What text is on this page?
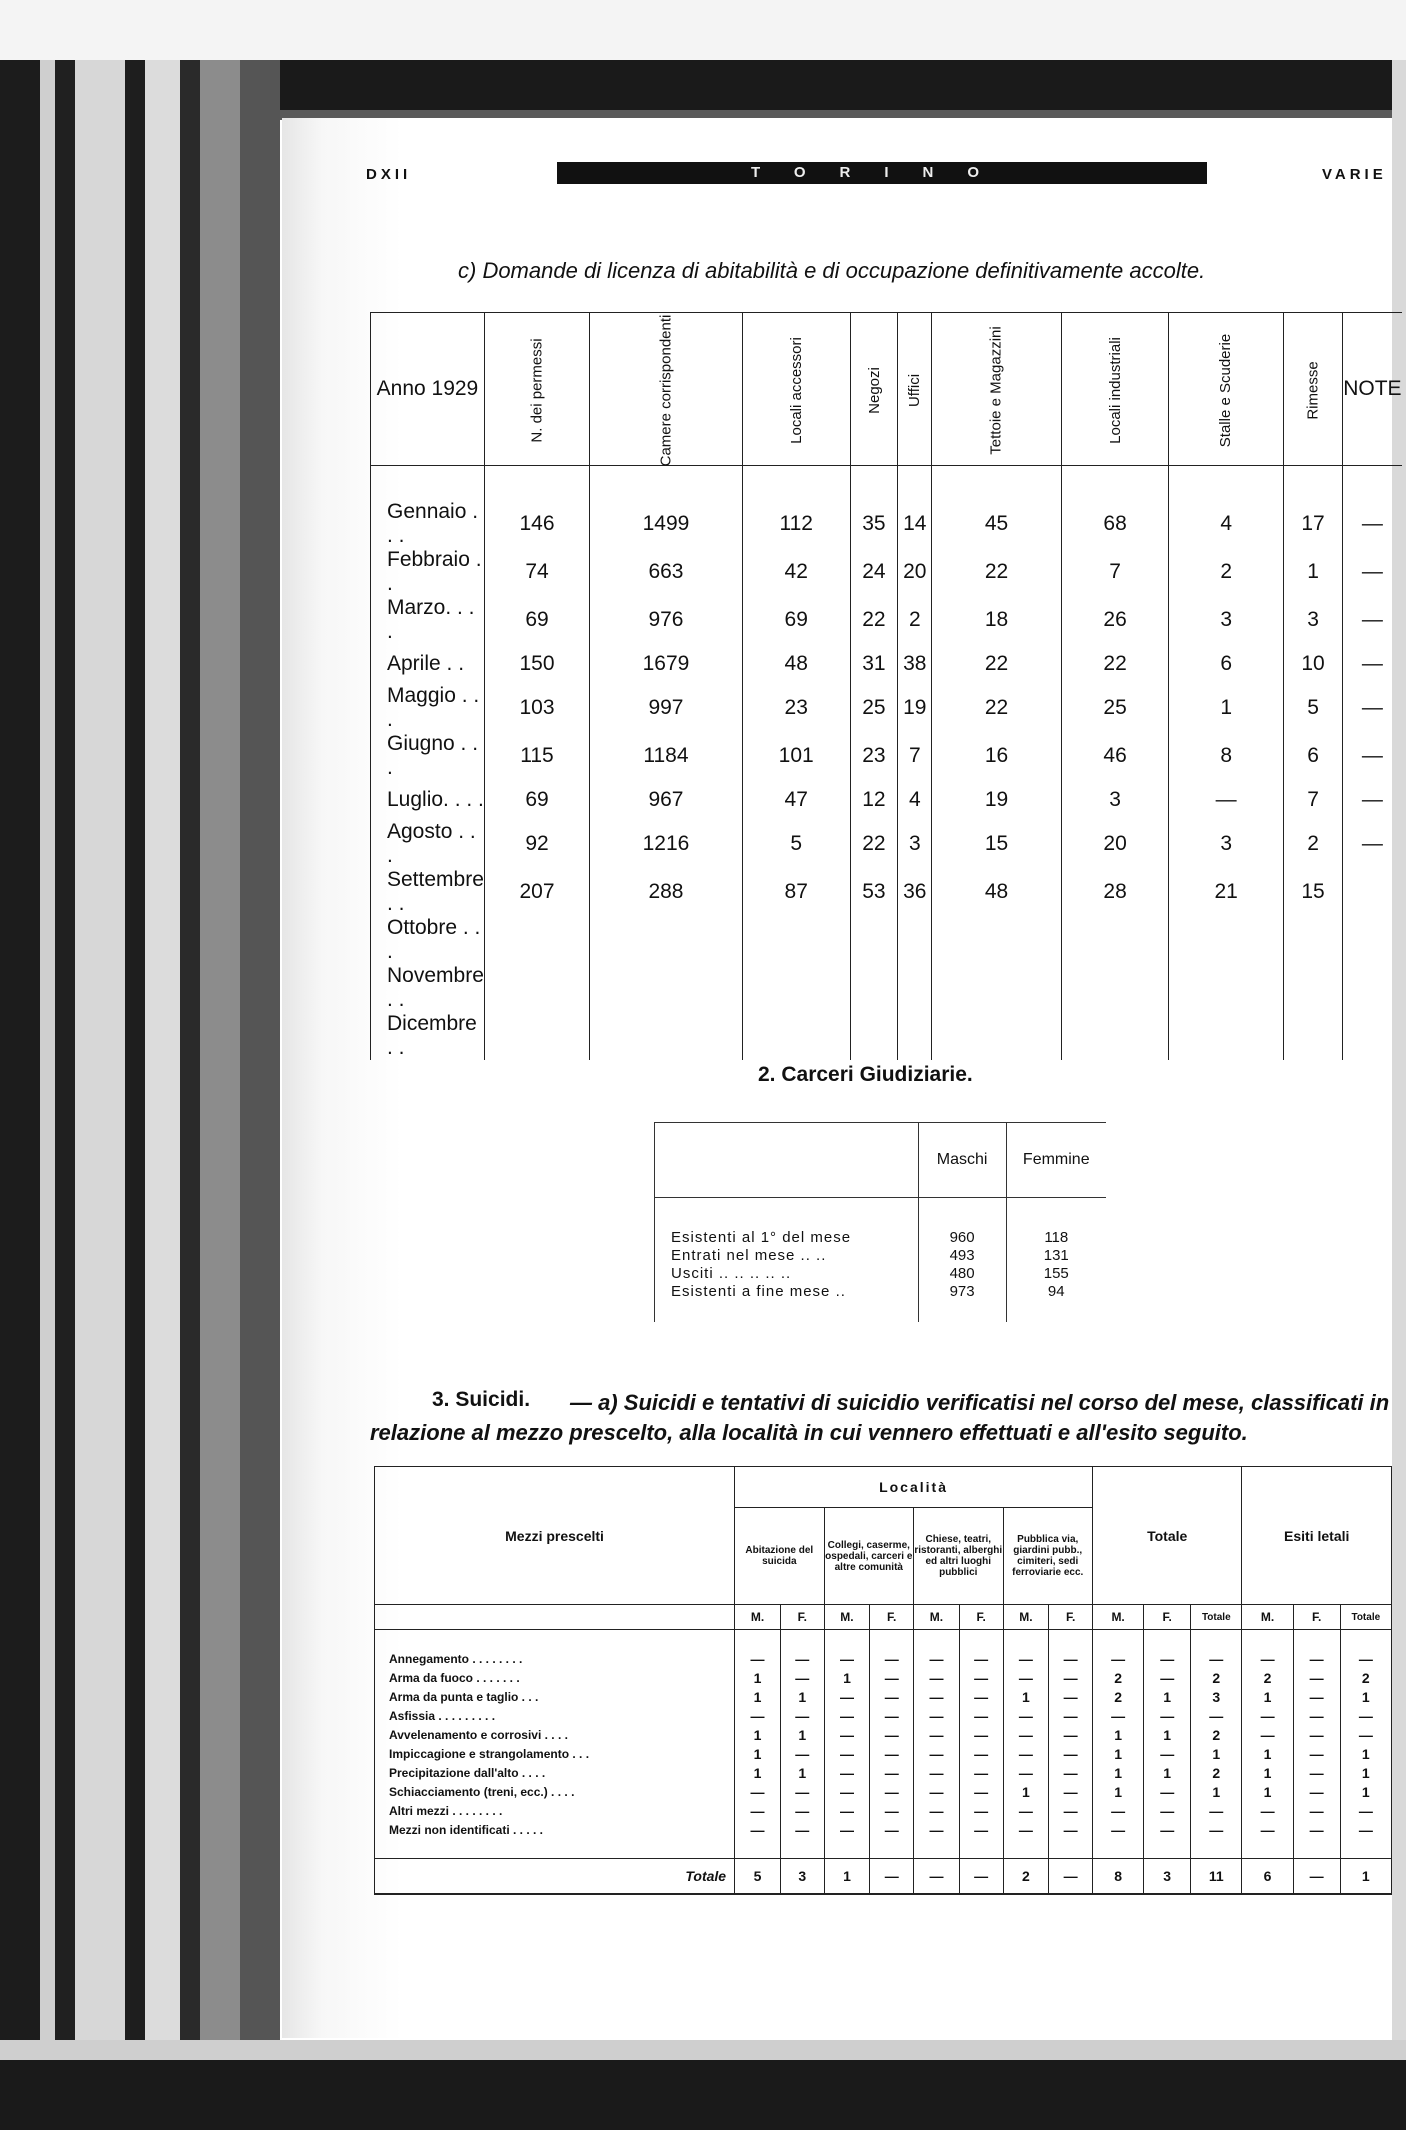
DXII	TORINO	VARIE
c) Domande di licenza di abitabilità e di occupazione definitivamente accolte.
Anno 1929	N. dei permessi	Camere corrispondenti	Locali accessori	Negozi	Uffici	Tettoie e Magazzini	Locali industriali	Stalle e Scuderie	Rimesse	NOTE
Gennaio . . .	146	1499	112	35	14	45	68	4	17	—
Febbraio . .	74	663	42	24	20	22	7	2	1	—
Marzo. . . .	69	976	69	22	2	18	26	3	3	—
Aprile . .	150	1679	48	31	38	22	22	6	10	—
Maggio . . .	103	997	23	25	19	22	25	1	5	—
Giugno . . .	115	1184	101	23	7	16	46	8	6	—
Luglio. . . .	69	967	47	12	4	19	3	—	7	—
Agosto . . .	92	1216	5	22	3	15	20	3	2	—
Settembre . .	207	288	87	53	36	48	28	21	15	
Ottobre . . .										
Novembre . .										
Dicembre . .										
2. Carceri Giudiziarie.
	Maschi	Femmine

Esistenti al 1° del mese	960	118
Entrati nel mese .. ..	493	131
Usciti .. .. .. .. ..	480	155
Esistenti a fine mese ..	973	94

3. Suicidi.	— a) Suicidi e tentativi di suicidio verificatisi nel corso del mese, classificati in relazione al mezzo prescelto, alla località in cui vennero effettuati e all'esito seguito.
Mezzi prescelti	Località								Totale			Esiti letali		
	Abitazione del suicida		Collegi, caserme, ospedali, carceri e altre comunità		Chiese, teatri, ristoranti, alberghi ed altri luoghi pubblici		Pubblica via, giardini pubb., cimiteri, sedi ferroviarie ecc.							
	M.	F.	M.	F.	M.	F.	M.	F.	M.	F.	Totale	M.	F.	Totale

Annegamento . . . . . . . .	—	—	—	—	—	—	—	—	—	—	—	—	—	—
Arma da fuoco . . . . . . .	1	—	1	—	—	—	—	—	2	—	2	2	—	2
Arma da punta e taglio . . .	1	1	—	—	—	—	1	—	2	1	3	1	—	1
Asfissia . . . . . . . . .	—	—	—	—	—	—	—	—	—	—	—	—	—	—
Avvelenamento e corrosivi . . . .	1	1	—	—	—	—	—	—	1	1	2	—	—	—
Impiccagione e strangolamento . . .	1	—	—	—	—	—	—	—	1	—	1	1	—	1
Precipitazione dall'alto . . . .	1	1	—	—	—	—	—	—	1	1	2	1	—	1
Schiacciamento (treni, ecc.) . . . .	—	—	—	—	—	—	1	—	1	—	1	1	—	1
Altri mezzi . . . . . . . .	—	—	—	—	—	—	—	—	—	—	—	—	—	—
Mezzi non identificati . . . . .	—	—	—	—	—	—	—	—	—	—	—	—	—	—

Totale	5	3	1	—	—	—	2	—	8	3	11	6	—	1
